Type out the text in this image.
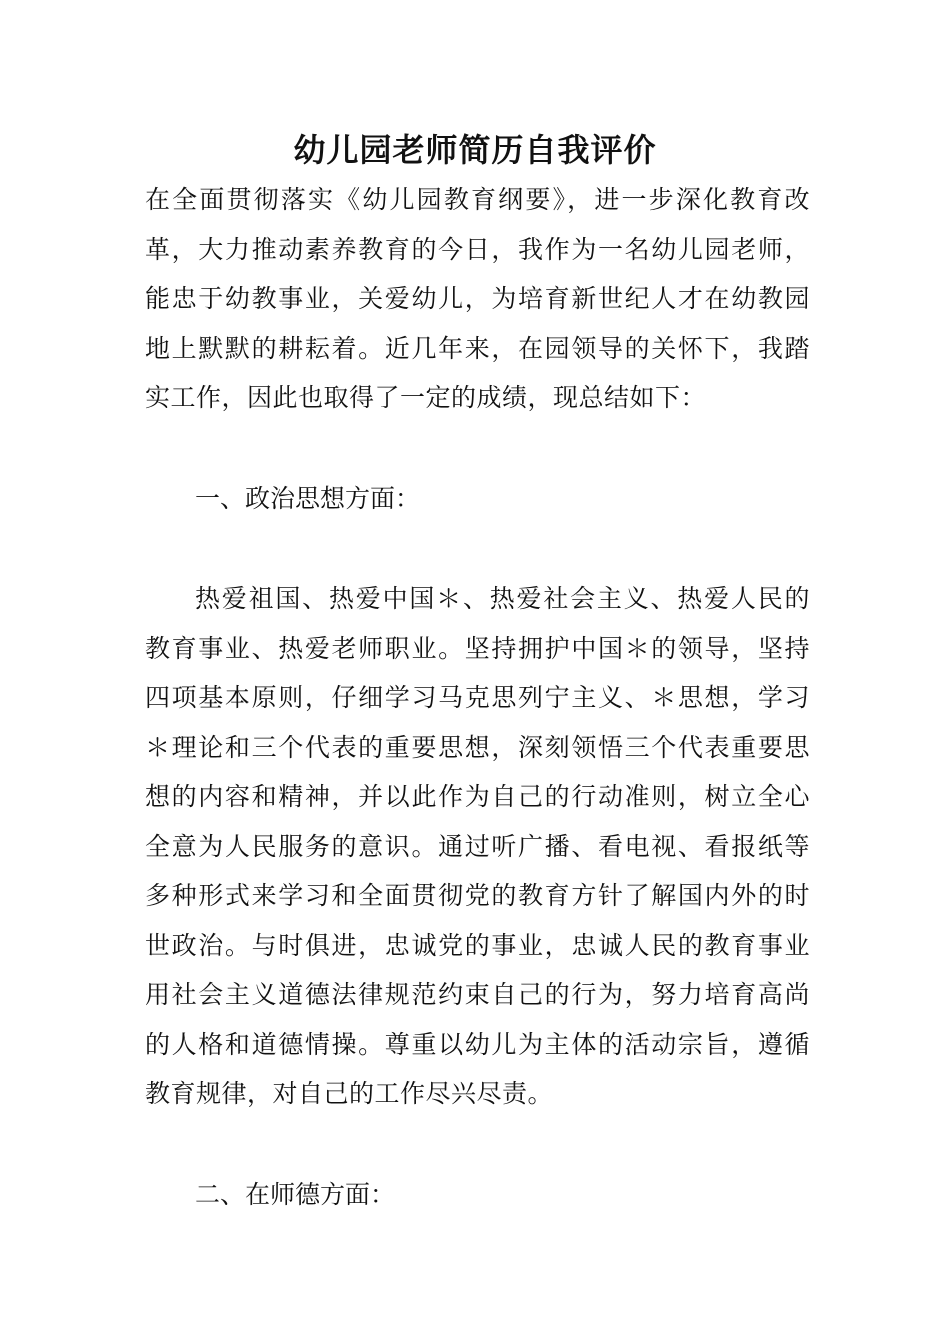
幼儿园老师简历自我评价
在全面贯彻落实《幼儿园教育纲要》，进一步深化教育改
革，大力推动素养教育的今日，我作为一名幼儿园老师，
能忠于幼教事业，关爱幼儿，为培育新世纪人才在幼教园
地上默默的耕耘着。近几年来，在园领导的关怀下，我踏
实工作，因此也取得了一定的成绩，现总结如下：

一、政治思想方面：

热爱祖国、热爱中国＊、热爱社会主义、热爱人民的
教育事业、热爱老师职业。坚持拥护中国＊的领导，坚持
四项基本原则，仔细学习马克思列宁主义、＊思想，学习
＊理论和三个代表的重要思想，深刻领悟三个代表重要思
想的内容和精神，并以此作为自己的行动准则，树立全心
全意为人民服务的意识。通过听广播、看电视、看报纸等
多种形式来学习和全面贯彻党的教育方针了解国内外的时
世政治。与时俱进，忠诚党的事业，忠诚人民的教育事业
用社会主义道德法律规范约束自己的行为，努力培育高尚
的人格和道德情操。尊重以幼儿为主体的活动宗旨，遵循
教育规律，对自己的工作尽兴尽责。

二、在师德方面：
